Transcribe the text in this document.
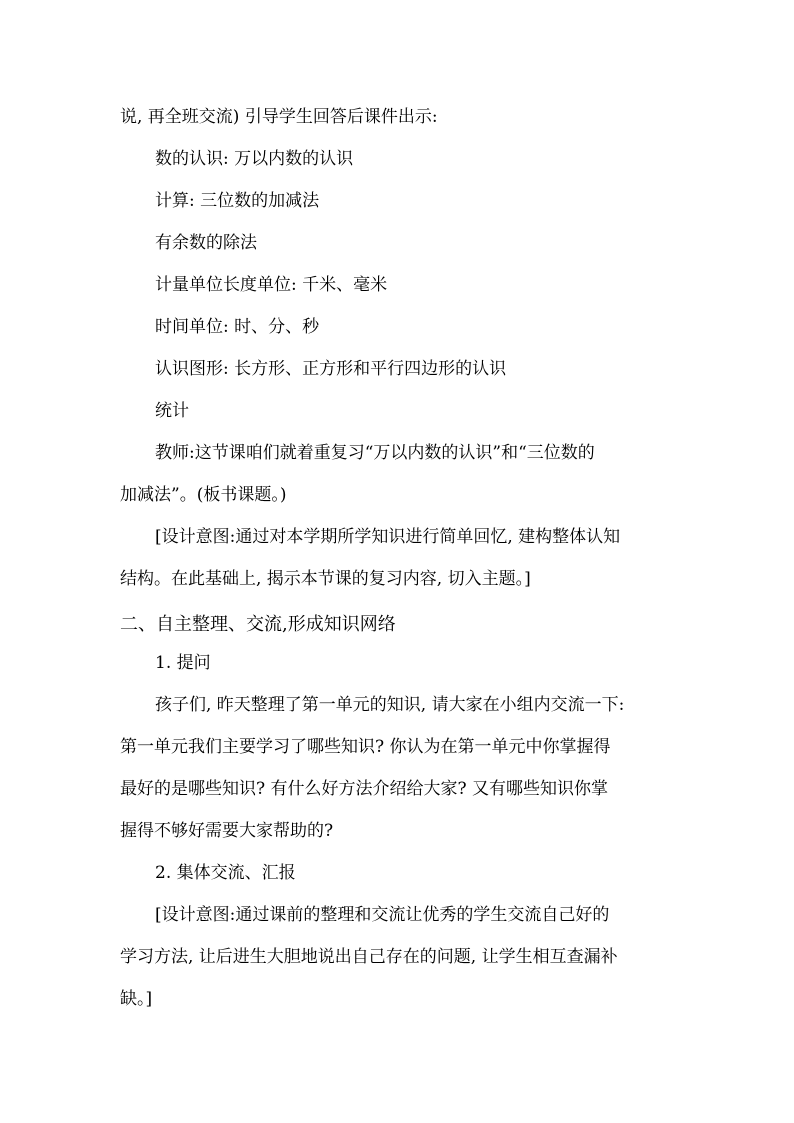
说, 再全班交流) 引导学生回答后课件出示:

数的认识: 万以内数的认识

计算: 三位数的加减法

有余数的除法

计量单位长度单位: 千米、毫米

时间单位: 时、分、秒

认识图形: 长方形、正方形和平行四边形的认识

统计

教师:这节课咱们就着重复习“万以内数的认识”和“三位数的

加减法”。(板书课题。)

[设计意图:通过对本学期所学知识进行简单回忆, 建构整体认知

结构。在此基础上, 揭示本节课的复习内容, 切入主题。]

二、自主整理、交流,形成知识网络

1. 提问

孩子们, 昨天整理了第一单元的知识, 请大家在小组内交流一下:

第一单元我们主要学习了哪些知识? 你认为在第一单元中你掌握得

最好的是哪些知识? 有什么好方法介绍给大家? 又有哪些知识你掌

握得不够好需要大家帮助的?

2. 集体交流、汇报

[设计意图:通过课前的整理和交流让优秀的学生交流自己好的

学习方法, 让后进生大胆地说出自己存在的问题, 让学生相互查漏补

缺。]
